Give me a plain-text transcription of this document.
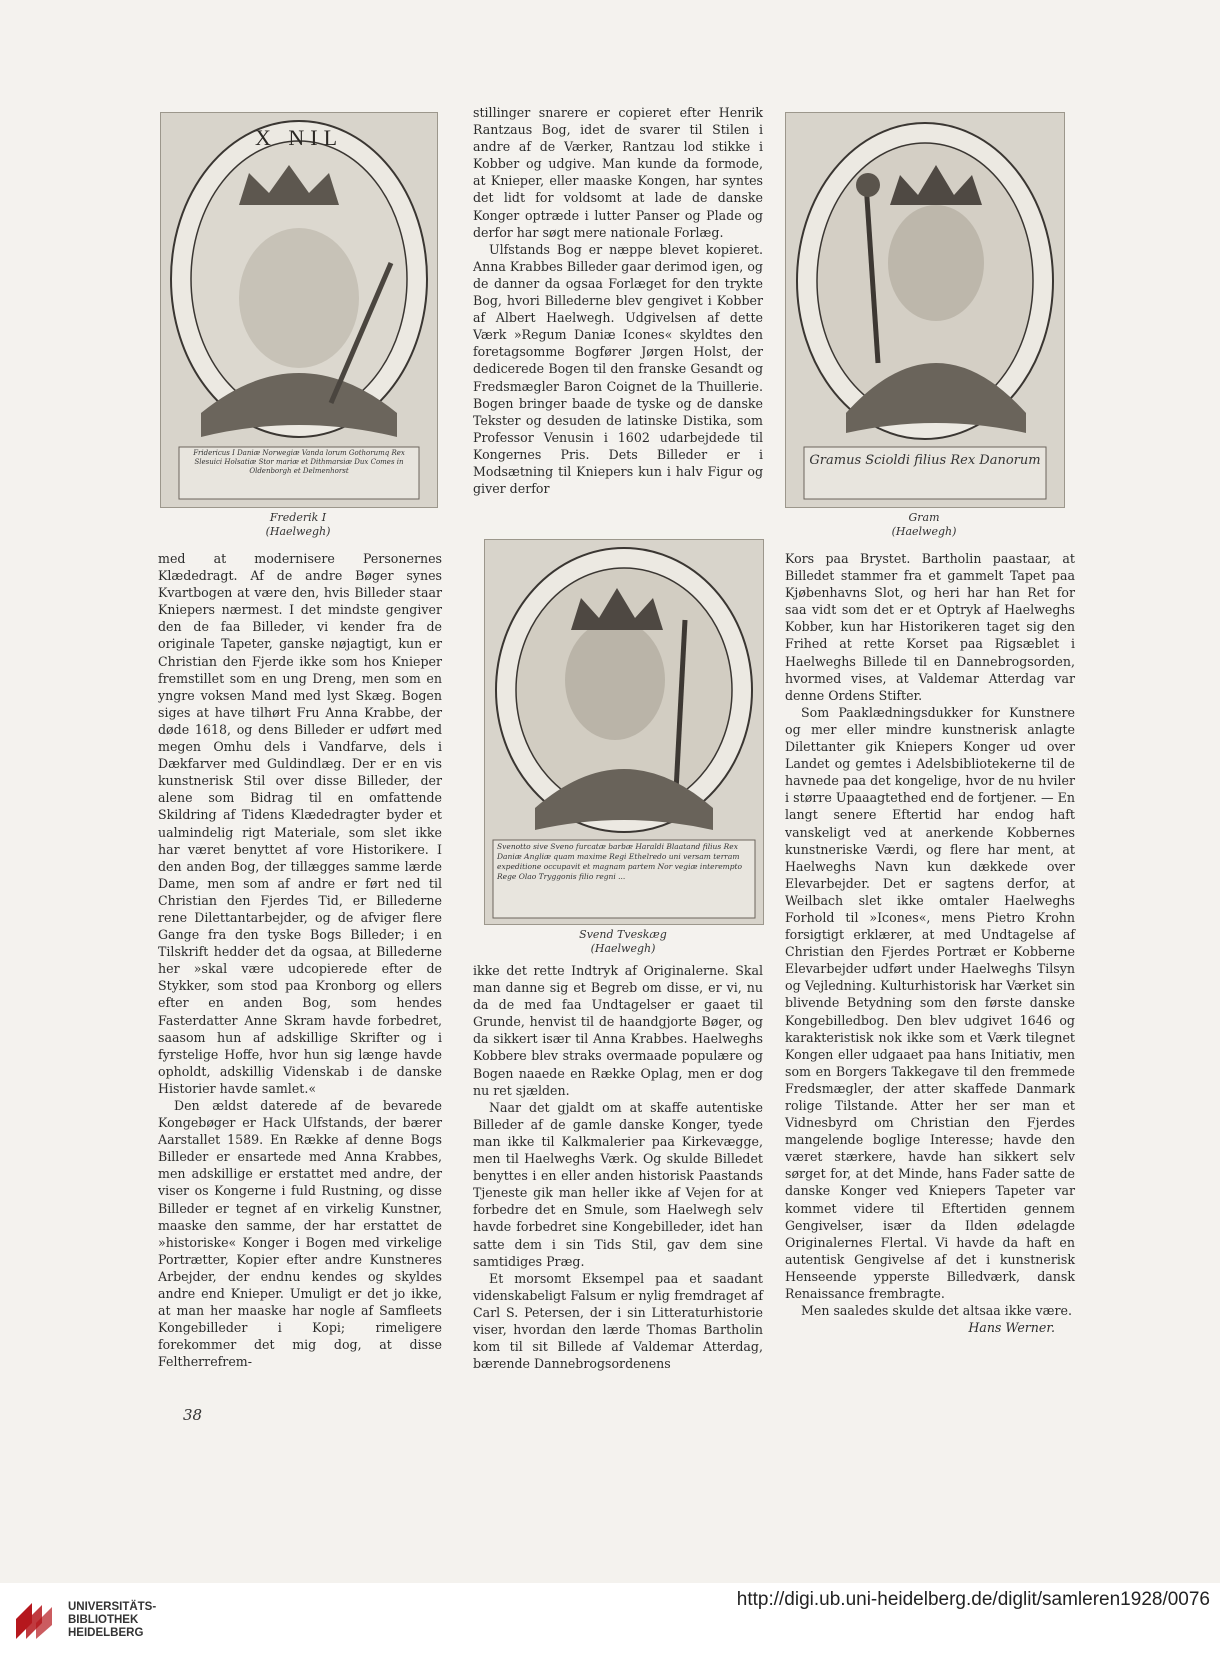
X NIL
Fridericus I Daniæ Norwegiæ Vanda lorum Gothorumq Rex Slesuici Holsatiæ Stor mariæ et Dithmarsiæ Dux Comes in Oldenborgh et Delmenhorst
Frederik I
(Haelwegh)
Gramus Scioldi filius Rex Danorum
Gram
(Haelwegh)
Svenotto sive Sveno furcatæ barbæ Haraldi Blaatand filius Rex Daniæ Angliæ quam maxime Regi Ethelredo uni versam terram expeditione occupavit et magnam partem Nor vegiæ interempto Rege Olao Tryggonis filio regni ...
Svend Tveskæg
(Haelwegh)

med at modernisere Personernes Klædedragt. Af de andre Bøger synes Kvartbogen at være den, hvis Billeder staar Kniepers nærmest. I det mindste gengiver den de faa Billeder, vi kender fra de originale Tapeter, ganske nøjagtigt, kun er Christian den Fjerde ikke som hos Knieper fremstillet som en ung Dreng, men som en yngre voksen Mand med lyst Skæg. Bogen siges at have tilhørt Fru Anna Krabbe, der døde 1618, og dens Billeder er udført med megen Omhu dels i Vandfarve, dels i Dækfarver med Guldindlæg. Der er en vis kunstnerisk Stil over disse Billeder, der alene som Bidrag til en omfattende Skildring af Tidens Klædedragter byder et ualmindelig rigt Materiale, som slet ikke har været benyttet af vore Historikere. I den anden Bog, der tillægges samme lærde Dame, men som af andre er ført ned til Christian den Fjerdes Tid, er Billederne rene Dilettantarbejder, og de afviger flere Gange fra den tyske Bogs Billeder; i en Tilskrift hedder det da ogsaa, at Billederne her »skal være udcopierede efter de Stykker, som stod paa Kronborg og ellers efter en anden Bog, som hendes Fasterdatter Anne Skram havde forbedret, saasom hun af adskillige Skrifter og i fyrstelige Hoffe, hvor hun sig længe havde opholdt, adskillig Videnskab i de danske Historier havde samlet.«

Den ældst daterede af de bevarede Kongebøger er Hack Ulfstands, der bærer Aarstallet 1589. En Række af denne Bogs Billeder er ensartede med Anna Krabbes, men adskillige er erstattet med andre, der viser os Kongerne i fuld Rustning, og disse Billeder er tegnet af en virkelig Kunstner, maaske den samme, der har erstattet de »historiske« Konger i Bogen med virkelige Portrætter, Kopier efter andre Kunstneres Arbejder, der endnu kendes og skyldes andre end Knieper. Umuligt er det jo ikke, at man her maaske har nogle af Samfleets Kongebilleder i Kopi; rimeligere forekommer det mig dog, at disse Feltherrefrem-

stillinger snarere er copieret efter Henrik Rantzaus Bog, idet de svarer til Stilen i andre af de Værker, Rantzau lod stikke i Kobber og udgive. Man kunde da formode, at Knieper, eller maaske Kongen, har syntes det lidt for voldsomt at lade de danske Konger optræde i lutter Panser og Plade og derfor har søgt mere nationale Forlæg.

Ulfstands Bog er næppe blevet kopieret. Anna Krabbes Billeder gaar derimod igen, og de danner da ogsaa Forlæget for den trykte Bog, hvori Billederne blev gengivet i Kobber af Albert Haelwegh. Udgivelsen af dette Værk »Regum Daniæ Icones« skyldtes den foretagsomme Bogfører Jørgen Holst, der dedicerede Bogen til den franske Gesandt og Fredsmægler Baron Coignet de la Thuillerie. Bogen bringer baade de tyske og de danske Tekster og desuden de latinske Distika, som Professor Venusin i 1602 udarbejdede til Kongernes Pris. Dets Billeder er i Modsætning til Kniepers kun i halv Figur og giver derfor

ikke det rette Indtryk af Originalerne. Skal man danne sig et Begreb om disse, er vi, nu da de med faa Undtagelser er gaaet til Grunde, henvist til de haandgjorte Bøger, og da sikkert især til Anna Krabbes. Haelweghs Kobbere blev straks overmaade populære og Bogen naaede en Række Oplag, men er dog nu ret sjælden.

Naar det gjaldt om at skaffe autentiske Billeder af de gamle danske Konger, tyede man ikke til Kalkmalerier paa Kirkevægge, men til Haelweghs Værk. Og skulde Billedet benyttes i en eller anden historisk Paastands Tjeneste gik man heller ikke af Vejen for at forbedre det en Smule, som Haelwegh selv havde forbedret sine Kongebilleder, idet han satte dem i sin Tids Stil, gav dem sine samtidiges Præg.

Et morsomt Eksempel paa et saadant videnskabeligt Falsum er nylig fremdraget af Carl S. Petersen, der i sin Litteraturhistorie viser, hvordan den lærde Thomas Bartholin kom til sit Billede af Valdemar Atterdag, bærende Dannebrogsordenens

Kors paa Brystet. Bartholin paastaar, at Billedet stammer fra et gammelt Tapet paa Kjøbenhavns Slot, og heri har han Ret for saa vidt som det er et Optryk af Haelweghs Kobber, kun har Historikeren taget sig den Frihed at rette Korset paa Rigsæblet i Haelweghs Billede til en Dannebrogsorden, hvormed vises, at Valdemar Atterdag var denne Ordens Stifter.

Som Paaklædningsdukker for Kunstnere og mer eller mindre kunstnerisk anlagte Dilettanter gik Kniepers Konger ud over Landet og gemtes i Adelsbibliotekerne til de havnede paa det kongelige, hvor de nu hviler i større Upaaagtethed end de fortjener. — En langt senere Eftertid har endog haft vanskeligt ved at anerkende Kobbernes kunstneriske Værdi, og flere har ment, at Haelweghs Navn kun dækkede over Elevarbejder. Det er sagtens derfor, at Weilbach slet ikke omtaler Haelweghs Forhold til »Icones«, mens Pietro Krohn forsigtigt erklærer, at med Undtagelse af Christian den Fjerdes Portræt er Kobberne Elevarbejder udført under Haelweghs Tilsyn og Vejledning. Kulturhistorisk har Værket sin blivende Betydning som den første danske Kongebilledbog. Den blev udgivet 1646 og karakteristisk nok ikke som et Værk tilegnet Kongen eller udgaaet paa hans Initiativ, men som en Borgers Takkegave til den fremmede Fredsmægler, der atter skaffede Danmark rolige Tilstande. Atter her ser man et Vidnesbyrd om Christian den Fjerdes mangelende boglige Interesse; havde den været stærkere, havde han sikkert selv sørget for, at det Minde, hans Fader satte de danske Konger ved Kniepers Tapeter var kommet videre til Eftertiden gennem Gengivelser, især da Ilden ødelagde Originalernes Flertal. Vi havde da haft en autentisk Gengivelse af det i kunstnerisk Henseende ypperste Billedværk, dansk Renaissance frembragte.

Men saaledes skulde det altsaa ikke være.

Hans Werner.

38
UNIVERSITÄTS-
BIBLIOTHEK
HEIDELBERG
http://digi.ub.uni-heidelberg.de/diglit/samleren1928/0076
